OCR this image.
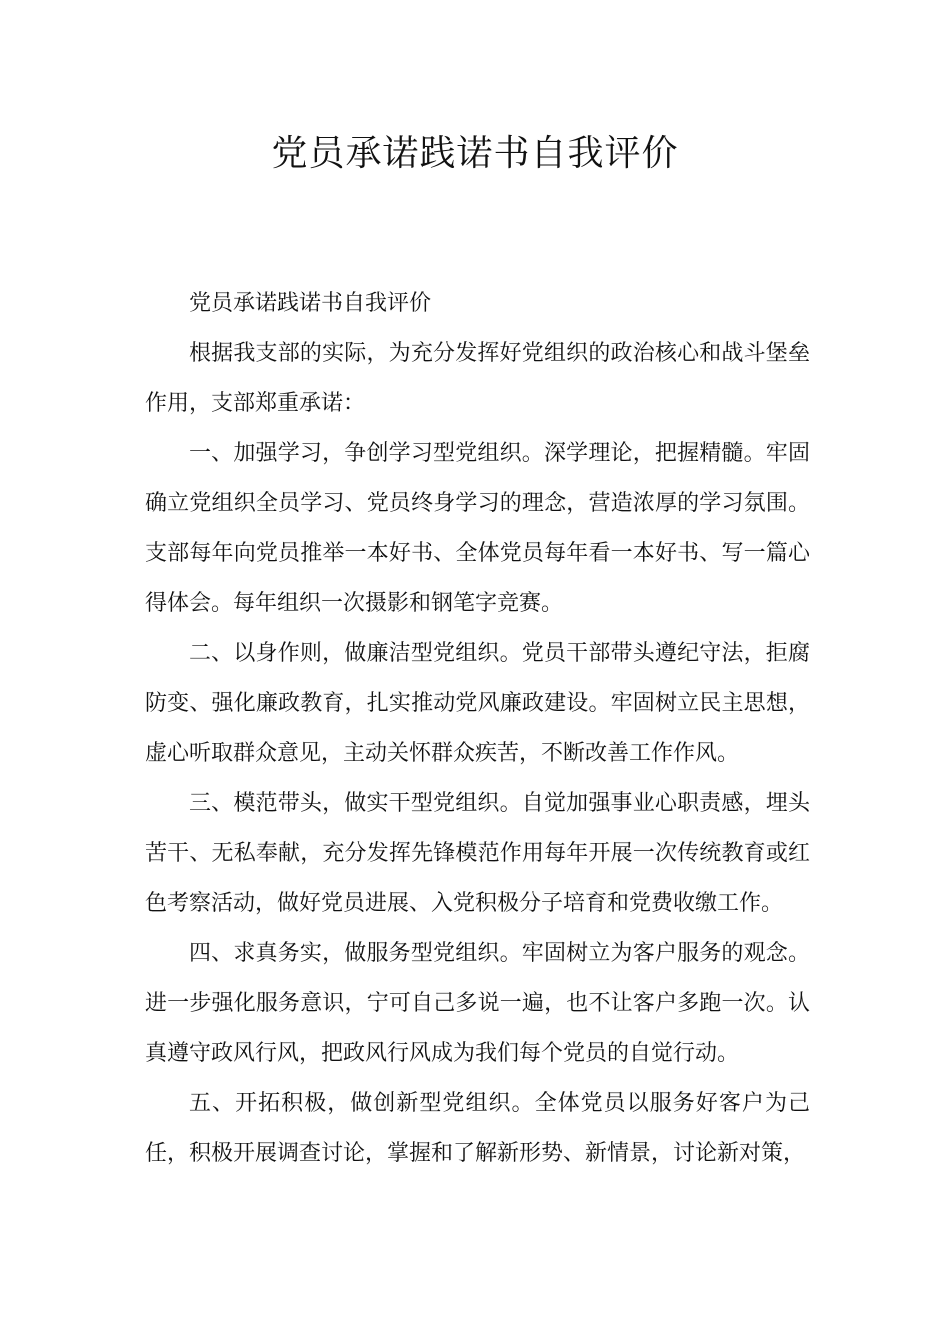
党员承诺践诺书自我评价

党员承诺践诺书自我评价

根据我支部的实际，为充分发挥好党组织的政治核心和战斗堡垒作用，支部郑重承诺：

一、加强学习，争创学习型党组织。深学理论，把握精髓。牢固确立党组织全员学习、党员终身学习的理念，营造浓厚的学习氛围。支部每年向党员推举一本好书、全体党员每年看一本好书、写一篇心得体会。每年组织一次摄影和钢笔字竞赛。

二、以身作则，做廉洁型党组织。党员干部带头遵纪守法，拒腐防变、强化廉政教育，扎实推动党风廉政建设。牢固树立民主思想，虚心听取群众意见，主动关怀群众疾苦，不断改善工作作风。

三、模范带头，做实干型党组织。自觉加强事业心职责感，埋头苦干、无私奉献，充分发挥先锋模范作用每年开展一次传统教育或红色考察活动，做好党员进展、入党积极分子培育和党费收缴工作。

四、求真务实，做服务型党组织。牢固树立为客户服务的观念。进一步强化服务意识，宁可自己多说一遍，也不让客户多跑一次。认真遵守政风行风，把政风行风成为我们每个党员的自觉行动。

五、开拓积极，做创新型党组织。全体党员以服务好客户为己任，积极开展调查讨论，掌握和了解新形势、新情景，讨论新对策，
